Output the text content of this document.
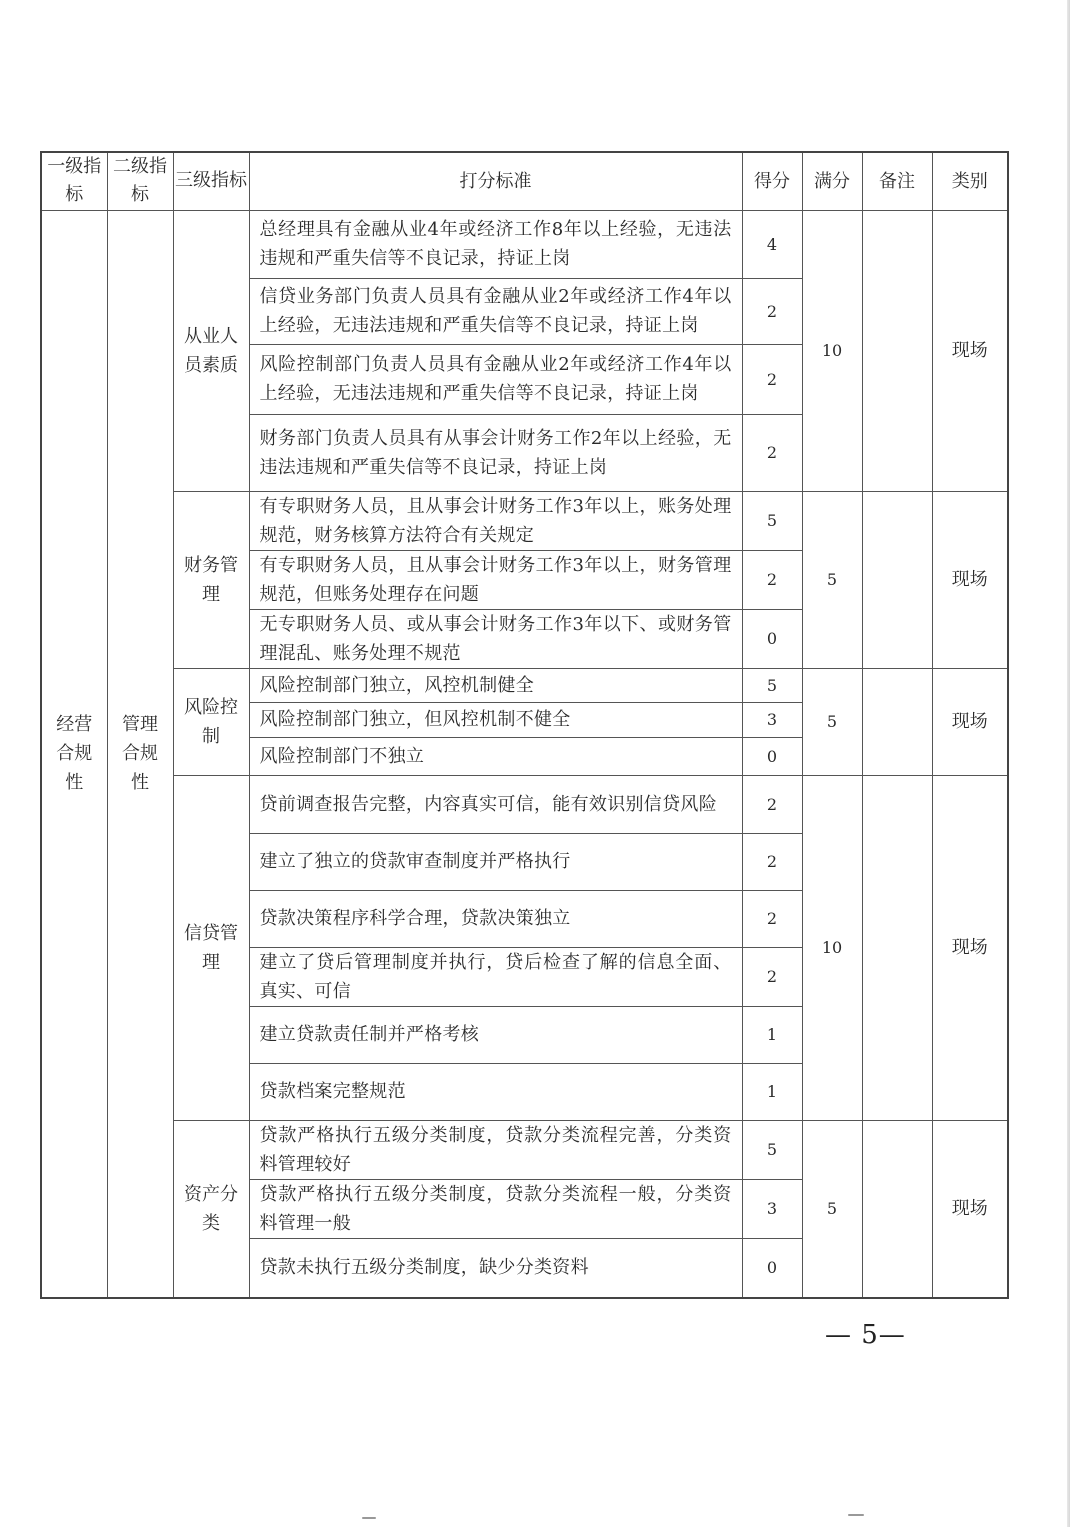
一级指标	二级指标	三级指标	打分标准	得分	满分	备注	类别
经营合规性	管理合规性	从业人员素质	总经理具有金融从业4年或经济工作8年以上经验，无违法违规和严重失信等不良记录，持证上岗	4	10		现场
			信贷业务部门负责人员具有金融从业2年或经济工作4年以上经验，无违法违规和严重失信等不良记录，持证上岗	2			
			风险控制部门负责人员具有金融从业2年或经济工作4年以上经验，无违法违规和严重失信等不良记录，持证上岗	2			
			财务部门负责人员具有从事会计财务工作2年以上经验，无违法违规和严重失信等不良记录，持证上岗	2			
		财务管理	有专职财务人员，且从事会计财务工作3年以上，账务处理规范，财务核算方法符合有关规定	5	5		现场
			有专职财务人员，且从事会计财务工作3年以上，财务管理规范，但账务处理存在问题	2			
			无专职财务人员、或从事会计财务工作3年以下、或财务管理混乱、账务处理不规范	0			
		风险控制	风险控制部门独立，风控机制健全	5	5		现场
			风险控制部门独立，但风控机制不健全	3			
			风险控制部门不独立	0			
		信贷管理	贷前调查报告完整，内容真实可信，能有效识别信贷风险	2	10		现场
			建立了独立的贷款审查制度并严格执行	2			
			贷款决策程序科学合理，贷款决策独立	2			
			建立了贷后管理制度并执行，贷后检查了解的信息全面、真实、可信	2			
			建立贷款责任制并严格考核	1			
			贷款档案完整规范	1			
		资产分类	贷款严格执行五级分类制度，贷款分类流程完善，分类资料管理较好	5	5		现场
			贷款严格执行五级分类制度，贷款分类流程一般，分类资料管理一般	3			
			贷款未执行五级分类制度，缺少分类资料	0			
— 5—
